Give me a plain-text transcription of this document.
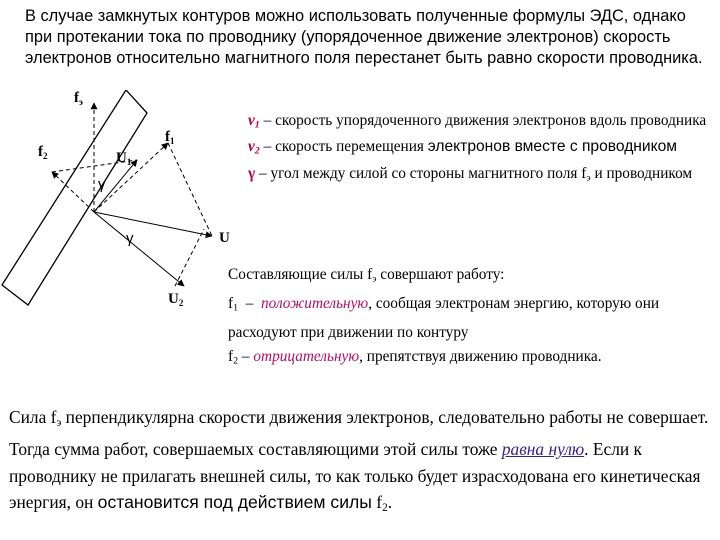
В случае замкнутых контуров можно использовать полученные формулы ЭДС, однако при протекании тока по проводнику (упорядоченное движение электронов) скорость электронов относительно магнитного поля перестанет быть равно скорости проводника.

$f_э$
$f_2$
$f_1$
$U_1$
U
$U_2$
γ
γ

$v_1$ – скорость упорядоченного движения электронов вдоль проводника
$v_2$ – скорость перемещения электронов вместе с проводником
γ – угол между силой со стороны магнитного поля $f_э$ и проводником

Составляющие силы $f_э$ совершают работу:
$f_1$  –  положительную, сообщая электронам энергию, которую они расходуют при движении по контуру
$f_2$ – отрицательную, препятствуя движению проводника.

Сила $f_э$ перпендикулярна скорости движения электронов, следовательно работы не совершает. Тогда сумма работ, совершаемых составляющими этой силы тоже равна нулю. Если к проводнику не прилагать внешней силы, то как только будет израсходована его кинетическая энергия, он остановится под действием силы $f_2$.
